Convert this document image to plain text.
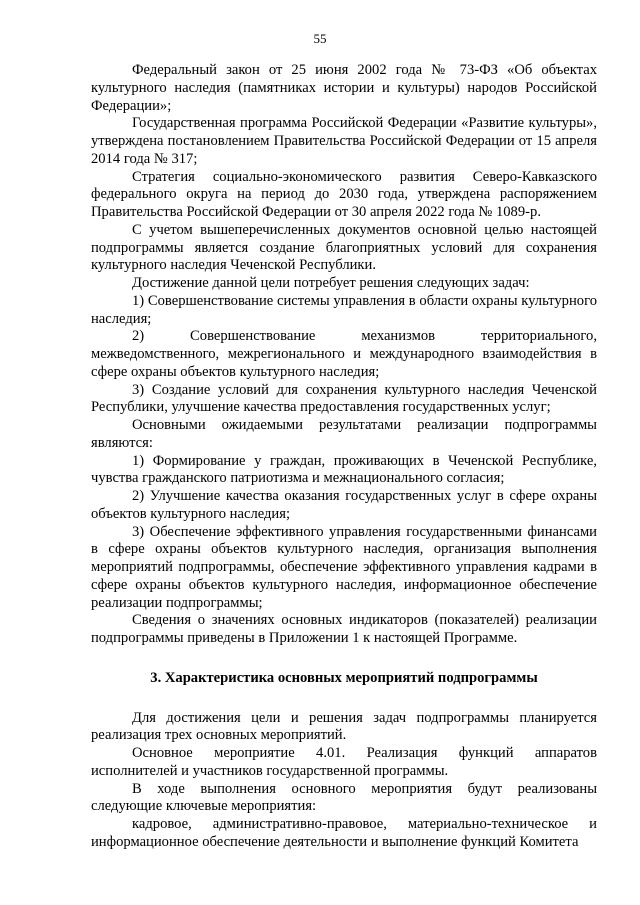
55

Федеральный закон от 25 июня 2002 года № 73-ФЗ «Об объектах культурного наследия (памятниках истории и культуры) народов Российской Федерации»;

Государственная программа Российской Федерации «Развитие культуры», утверждена постановлением Правительства Российской Федерации от 15 апреля 2014 года № 317;

Стратегия социально-экономического развития Северо-Кавказского федерального округа на период до 2030 года, утверждена распоряжением Правительства Российской Федерации от 30 апреля 2022 года № 1089-р.

С учетом вышеперечисленных документов основной целью настоящей подпрограммы является создание благоприятных условий для сохранения культурного наследия Чеченской Республики.

Достижение данной цели потребует решения следующих задач:

1) Совершенствование системы управления в области охраны культурного наследия;

2) Совершенствование механизмов территориального, межведомственного, межрегионального и международного взаимодействия в сфере охраны объектов культурного наследия;

3) Создание условий для сохранения культурного наследия Чеченской Республики, улучшение качества предоставления государственных услуг;

Основными ожидаемыми результатами реализации подпрограммы являются:

1) Формирование у граждан, проживающих в Чеченской Республике, чувства гражданского патриотизма и межнационального согласия;

2) Улучшение качества оказания государственных услуг в сфере охраны объектов культурного наследия;

3) Обеспечение эффективного управления государственными финансами в сфере охраны объектов культурного наследия, организация выполнения мероприятий подпрограммы, обеспечение эффективного управления кадрами в сфере охраны объектов культурного наследия, информационное обеспечение реализации подпрограммы;

Сведения о значениях основных индикаторов (показателей) реализации подпрограммы приведены в Приложении 1 к настоящей Программе.

3. Характеристика основных мероприятий подпрограммы

Для достижения цели и решения задач подпрограммы планируется реализация трех основных мероприятий.

Основное мероприятие 4.01. Реализация функций аппаратов исполнителей и участников государственной программы.

В ходе выполнения основного мероприятия будут реализованы следующие ключевые мероприятия:

кадровое, административно-правовое, материально-техническое и информационное обеспечение деятельности и выполнение функций Комитета
